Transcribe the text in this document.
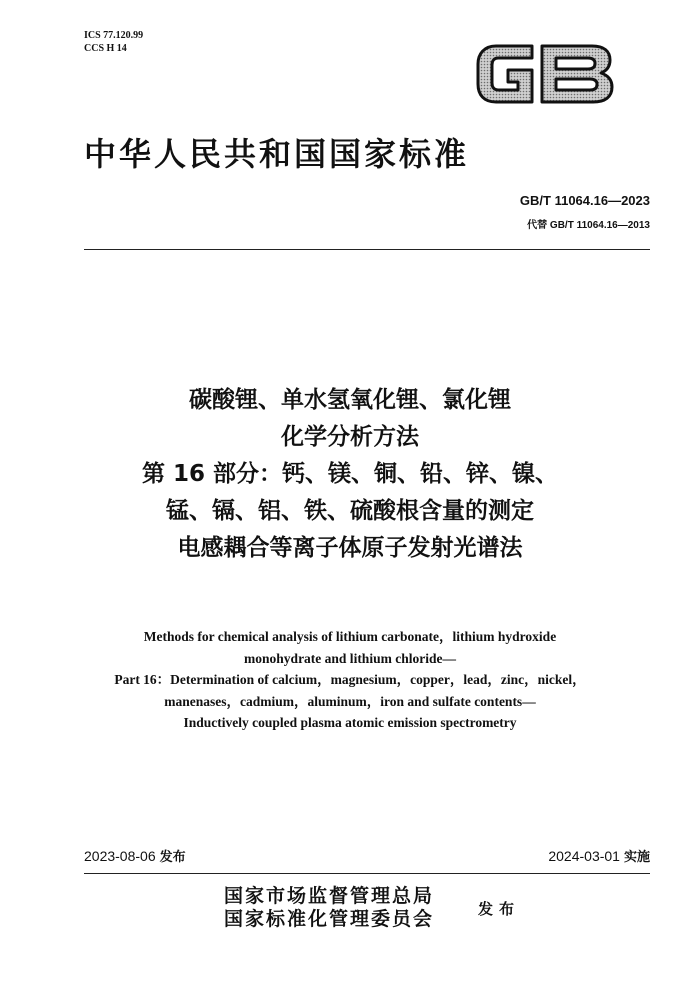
ICS 77.120.99
CCS H 14
中华人民共和国国家标准
GB/T 11064.16—2023
代替 GB/T 11064.16—2013
碳酸锂、单水氢氧化锂、氯化锂
化学分析方法
第 16 部分：钙、镁、铜、铅、锌、镍、
锰、镉、铝、铁、硫酸根含量的测定
电感耦合等离子体原子发射光谱法
Methods for chemical analysis of lithium carbonate，lithium hydroxide
monohydrate and lithium chloride—
Part 16：Determination of calcium，magnesium，copper，lead，zinc，nickel，
manenases，cadmium，aluminum，iron and sulfate contents—
Inductively coupled plasma atomic emission spectrometry
2023-08-06 发布	2024-03-01 实施
国家市场监督管理总局
国家标准化管理委员会	发布
